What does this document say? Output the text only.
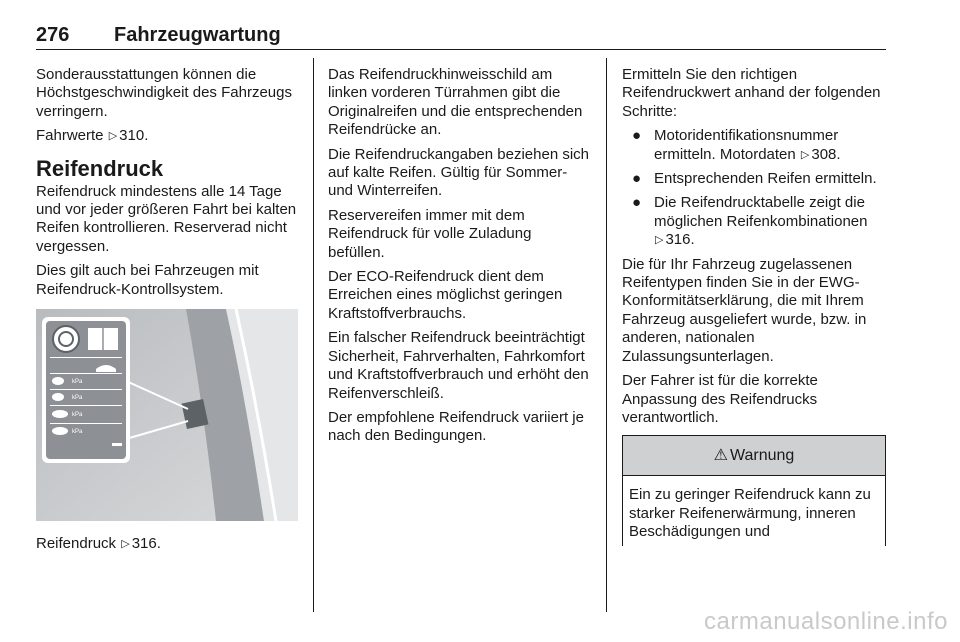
276 Fahrzeugwartung

Sonderausstattungen können die Höchstgeschwindigkeit des Fahrzeugs verringern.

Fahrwerte ▷ 310.

Reifendruck

Reifendruck mindestens alle 14 Tage und vor jeder größeren Fahrt bei kalten Reifen kontrollieren. Reserverad nicht vergessen.

Dies gilt auch bei Fahrzeugen mit Reifendruck-Kontrollsystem.

kPa
kPa
kPa
kPa

Reifendruck ▷ 316.

Das Reifendruckhinweisschild am linken vorderen Türrahmen gibt die Originalreifen und die entsprechenden Reifendrücke an.

Die Reifendruckangaben beziehen sich auf kalte Reifen. Gültig für Sommer- und Winterreifen.

Reservereifen immer mit dem Reifendruck für volle Zuladung befüllen.

Der ECO-Reifendruck dient dem Erreichen eines möglichst geringen Kraftstoffverbrauchs.

Ein falscher Reifendruck beeinträchtigt Sicherheit, Fahrverhalten, Fahrkomfort und Kraftstoffverbrauch und erhöht den Reifenverschleiß.

Der empfohlene Reifendruck variiert je nach den Bedingungen.

Ermitteln Sie den richtigen Reifendruckwert anhand der folgenden Schritte:

● Motoridentifikationsnummer ermitteln. Motordaten ▷ 308.
● Entsprechenden Reifen ermitteln.
● Die Reifendrucktabelle zeigt die möglichen Reifenkombinationen
▷ 316.

Die für Ihr Fahrzeug zugelassenen Reifentypen finden Sie in der EWG-Konformitätserklärung, die mit Ihrem Fahrzeug ausgeliefert wurde, bzw. in anderen, nationalen Zulassungsunterlagen.

Der Fahrer ist für die korrekte Anpassung des Reifendrucks verantwortlich.

⚠ Warnung
Ein zu geringer Reifendruck kann zu starker Reifenerwärmung, inneren Beschädigungen und
carmanualsonline.info
